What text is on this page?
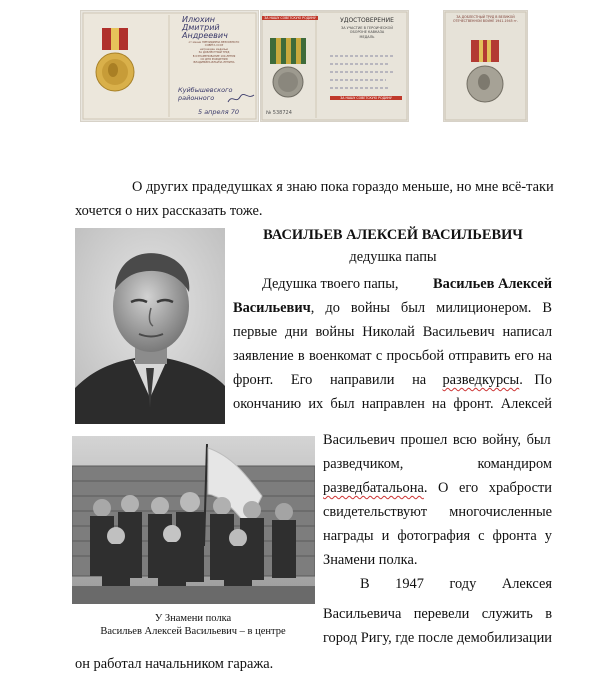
Илюхин
Дмитрий
Андреевич
от имени ПРЕЗИДИУМА ВЕРХОВНОГО
СОВЕТА СССР
награжден медалью
ЗА ДОБЛЕСТНЫЙ ТРУД
В ОЗНАМЕНОВАНИЕ 100-ЛЕТИЯ
СО ДНЯ РОЖДЕНИЯ
ВЛАДИМИРА ИЛЬИЧА ЛЕНИНА
Куйбышевского районного
5 апреля 70
ЗА НАШУ СОВЕТСКУЮ РОДИНУ	УДОСТОВЕРЕНИЕ
ЗА УЧАСТИЕ В ГЕРОИЧЕСКОЙ
ОБОРОНЕ КАВКАЗА
МЕДАЛЬ
ЗА НАШУ СОВЕТСКУЮ РОДИНУ
№ 538724
ЗА ДОБЛЕСТНЫЙ ТРУД В ВЕЛИКОЙ
ОТЕЧЕСТВЕННОЙ ВОЙНЕ 1941-1945 гг.
О других прадедушках я знаю пока гораздо меньше, но мне всё-таки
хочется о них рассказать тоже.
ВАСИЛЬЕВ АЛЕКСЕЙ ВАСИЛЬЕВИЧ
дедушка папы
Дедушка твоего папы, Васильев Алексей
Васильевич , до войны был милиционером. В
первые дни войны Николай Васильевич написал
заявление в военкомат с просьбой отправить его на
фронт. Его направили на разведкурсы. По
окончанию их был направлен на фронт. Алексей
Васильевич прошел всю войну, был
разведчиком, командиром
разведбатальона . О его храбрости
свидетельствуют многочисленные
награды и фотография с фронта у
Знамени полка.
В 1947 году Алексея
Васильевича перевели служить в
город Ригу, где после демобилизации
он работал начальником гаража.
У Знамени полка
Васильев Алексей Васильевич – в центре
